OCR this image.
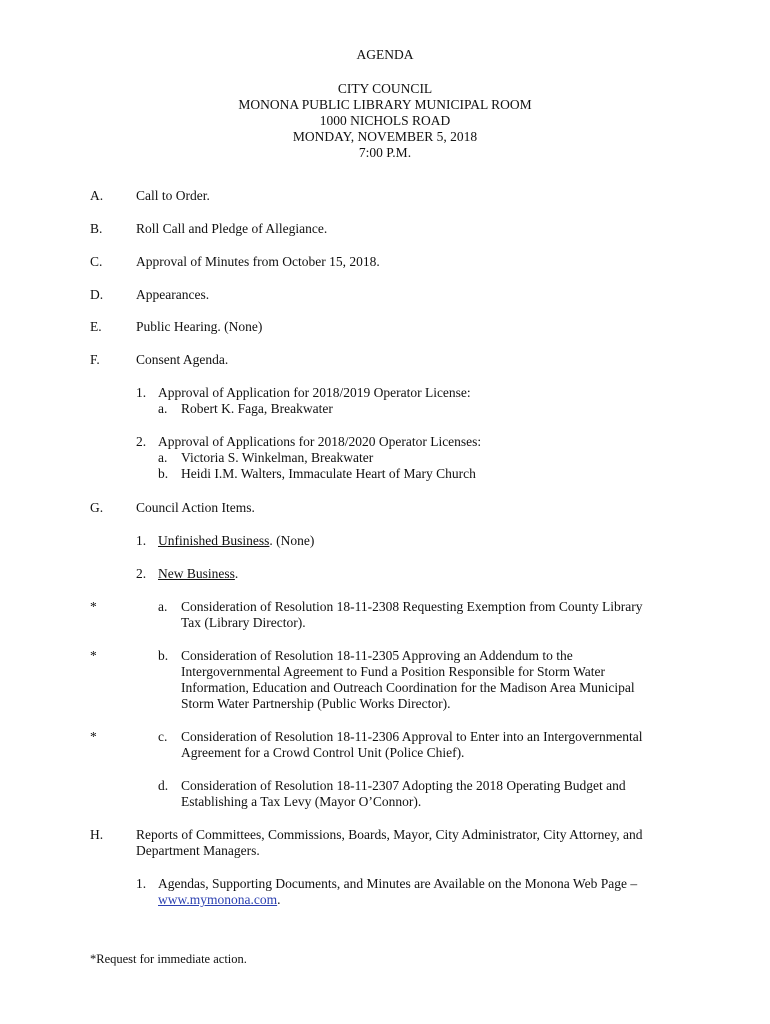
AGENDA
CITY COUNCIL
MONONA PUBLIC LIBRARY MUNICIPAL ROOM
1000 NICHOLS ROAD
MONDAY, NOVEMBER 5, 2018
7:00 P.M.
A. Call to Order.
B. Roll Call and Pledge of Allegiance.
C. Approval of Minutes from October 15, 2018.
D. Appearances.
E.	Public Hearing. (None)
F.	Consent Agenda.
1. Approval of Application for 2018/2019 Operator License:
a. Robert K. Faga, Breakwater
2. Approval of Applications for 2018/2020 Operator Licenses:
a. Victoria S. Winkelman, Breakwater
b. Heidi I.M. Walters, Immaculate Heart of Mary Church
G. Council Action Items.
1. Unfinished Business. (None)
2. New Business.
*	a. Consideration of Resolution 18-11-2308 Requesting Exemption from County Library
Tax (Library Director).
*	b. Consideration of Resolution 18-11-2305 Approving an Addendum to the
Intergovernmental Agreement to Fund a Position Responsible for Storm Water
Information, Education and Outreach Coordination for the Madison Area Municipal
Storm Water Partnership (Public Works Director).
*	c. Consideration of Resolution 18-11-2306 Approval to Enter into an Intergovernmental
Agreement for a Crowd Control Unit (Police Chief).
d. Consideration of Resolution 18-11-2307 Adopting the 2018 Operating Budget and
Establishing a Tax Levy (Mayor O’Connor).
H. Reports of Committees, Commissions, Boards, Mayor, City Administrator, City Attorney, and
Department Managers.
1. Agendas, Supporting Documents, and Minutes are Available on the Monona Web Page –
www.mymonona.com.
*Request for immediate action.
